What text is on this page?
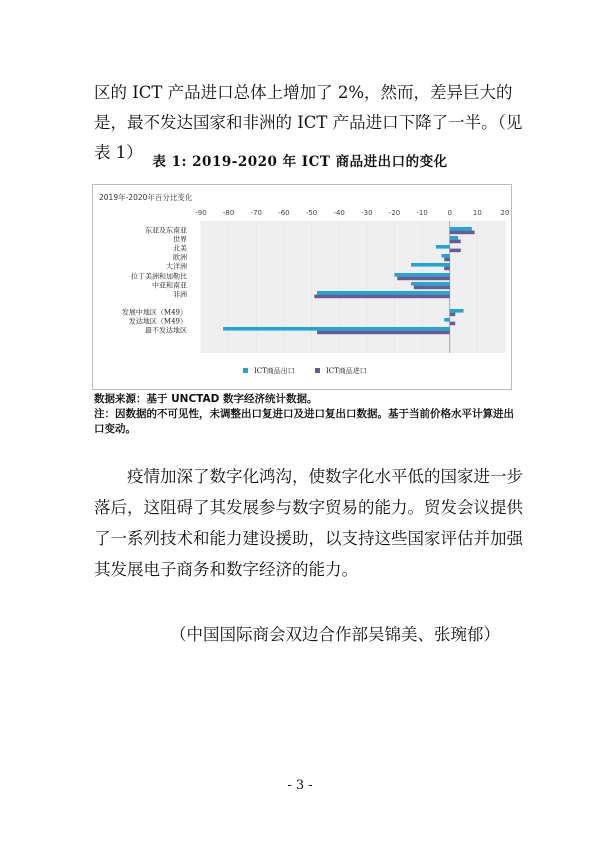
区的 ICT 产品进口总体上增加了 2%，然而，差异巨大的是，最不发达国家和非洲的 ICT 产品进口下降了一半。（见表 1） 表 1: 2019-2020 年 ICT 商品进出口的变化
2019年-2020年百分比变化
-90 -80 -70 -60 -50 -40 -30 -20 -10	0	10	20
东亚及东南亚
世界
北美
欧洲
大洋洲
拉丁美洲和加勒比
中亚和南亚
非洲
发展中地区（M49）
发达地区（M49）
最不发达地区
ICT商品出口	ICT商品进口

数据来源：基于 UNCTAD 数字经济统计数据。

注：因数据的不可见性，未调整出口复进口及进口复出口数据。基于当前价格水平计算进出口变动。

疫情加深了数字化鸿沟，使数字化水平低的国家进一步落后，这阻碍了其发展参与数字贸易的能力。贸发会议提供了一系列技术和能力建设援助，以支持这些国家评估并加强其发展电子商务和数字经济的能力。

（中国国际商会双边合作部吴锦美、张琬郁）
- 3 -
